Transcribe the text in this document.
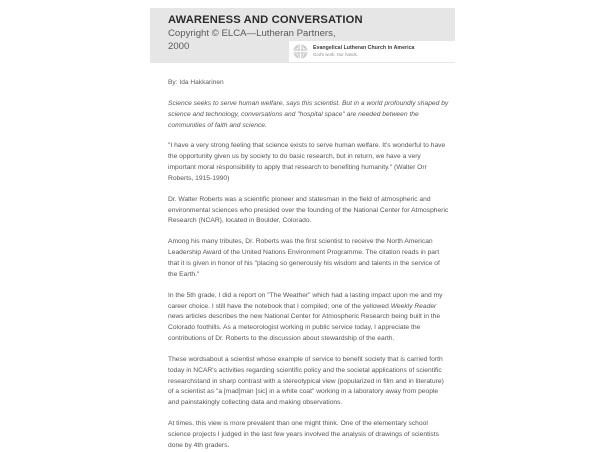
AWARENESS AND CONVERSATION
Copyright © ELCA—Lutheran Partners, 2000	Evangelical Lutheran Church in America
God's work. Our hands.

By: Ida Hakkarinen

Science seeks to serve human welfare, says this scientist. But in a world profoundly shaped by science and technology, conversations and "hospital space" are needed between the communities of faith and science.

"I have a very strong feeling that science exists to serve human welfare. It's wonderful to have the opportunity given us by society to do basic research, but in return, we have a very important moral responsibility to apply that research to benefiting humanity." (Walter Orr Roberts, 1915-1990)

Dr. Walter Roberts was a scientific pioneer and statesman in the field of atmospheric and environmental sciences who presided over the founding of the National Center for Atmospheric Research (NCAR), located in Boulder, Colorado.

Among his many tributes, Dr. Roberts was the first scientist to receive the North American Leadership Award of the United Nations Environment Programme. The citation reads in part that it is given in honor of his "placing so generously his wisdom and talents in the service of the Earth."

In the 5th grade, I did a report on "The Weather" which had a lasting impact upon me and my career choice. I still have the notebook that I compiled; one of the yellowed Weekly Reader news articles describes the new National Center for Atmospheric Research being built in the Colorado foothills. As a meteorologist working in public service today, I appreciate the contributions of Dr. Roberts to the discussion about stewardship of the earth.

These wordsabout a scientist whose example of service to benefit society that is carried forth today in NCAR's activities regarding scientific policy and the societal applications of scientific researchstand in sharp contrast with a stereotypical view (popularized in film and in literature) of a scientist as "a [mad]man [sic] in a white coat" working in a laboratory away from people and painstakingly collecting data and making observations.

At times, this view is more prevalent than one might think. One of the elementary school science projects I judged in the last few years involved the analysis of drawings of scientists done by 4th graders.
